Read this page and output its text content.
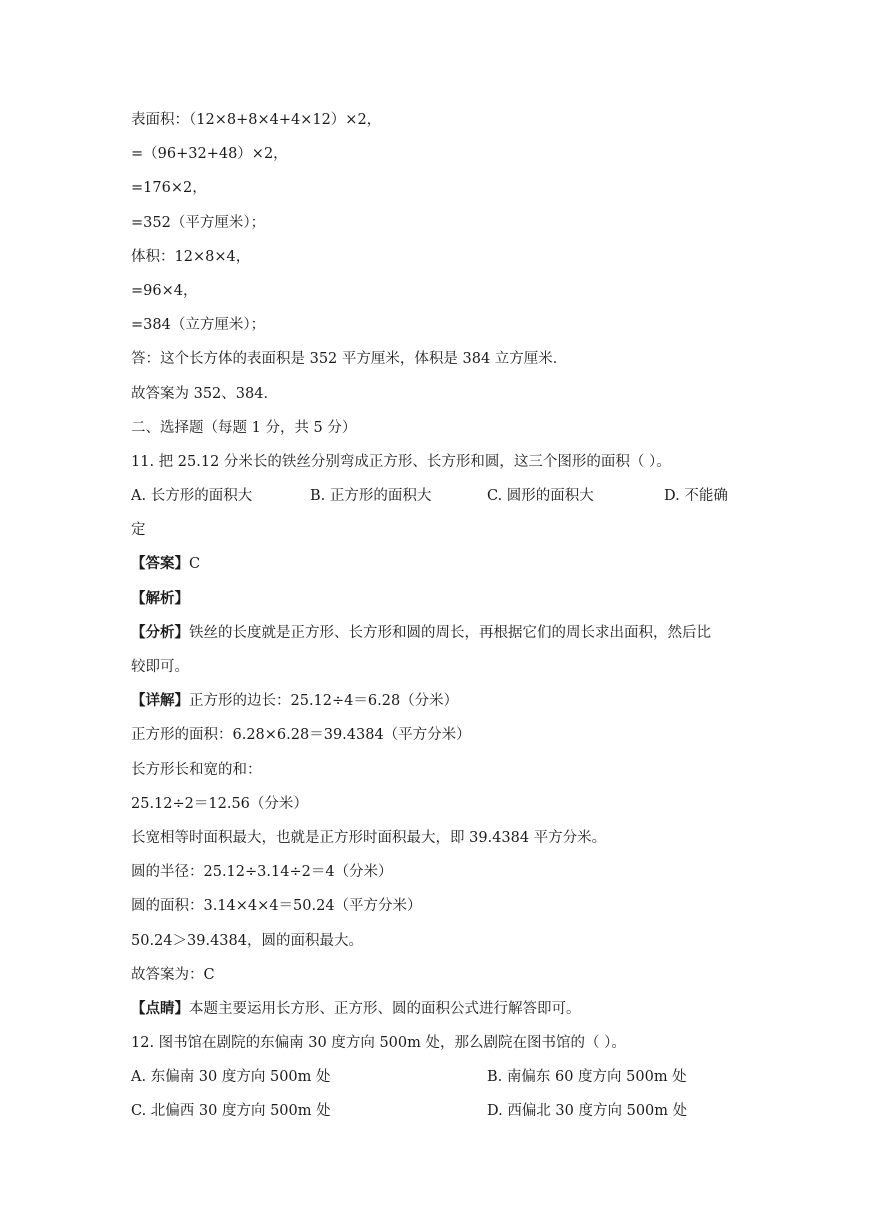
表面积：（12×8+8×4+4×12）×2，
=（96+32+48）×2，
=176×2，
=352（平方厘米）；
体积：12×8×4，
=96×4，
=384（立方厘米）；
答：这个长方体的表面积是 352 平方厘米，体积是 384 立方厘米．
故答案为 352、384．
二、选择题（每题 1 分，共 5 分）
11. 把 25.12 分米长的铁丝分别弯成正方形、长方形和圆，这三个图形的面积（ ）。
A. 长方形的面积大	B. 正方形的面积大	C. 圆形的面积大	D. 不能确
定
【答案】C
【解析】
【分析】铁丝的长度就是正方形、长方形和圆的周长，再根据它们的周长求出面积，然后比
较即可。
【详解】正方形的边长：25.12÷4＝6.28（分米）
正方形的面积：6.28×6.28＝39.4384（平方分米）
长方形长和宽的和：
25.12÷2＝12.56（分米）
长宽相等时面积最大，也就是正方形时面积最大，即 39.4384 平方分米。
圆的半径：25.12÷3.14÷2＝4（分米）
圆的面积：3.14×4×4＝50.24（平方分米）
50.24＞39.4384，圆的面积最大。
故答案为：C
【点睛】本题主要运用长方形、正方形、圆的面积公式进行解答即可。
12. 图书馆在剧院的东偏南 30 度方向 500m 处，那么剧院在图书馆的（ ）。
A. 东偏南 30 度方向 500m 处	B. 南偏东 60 度方向 500m 处
C. 北偏西 30 度方向 500m 处	D. 西偏北 30 度方向 500m 处
